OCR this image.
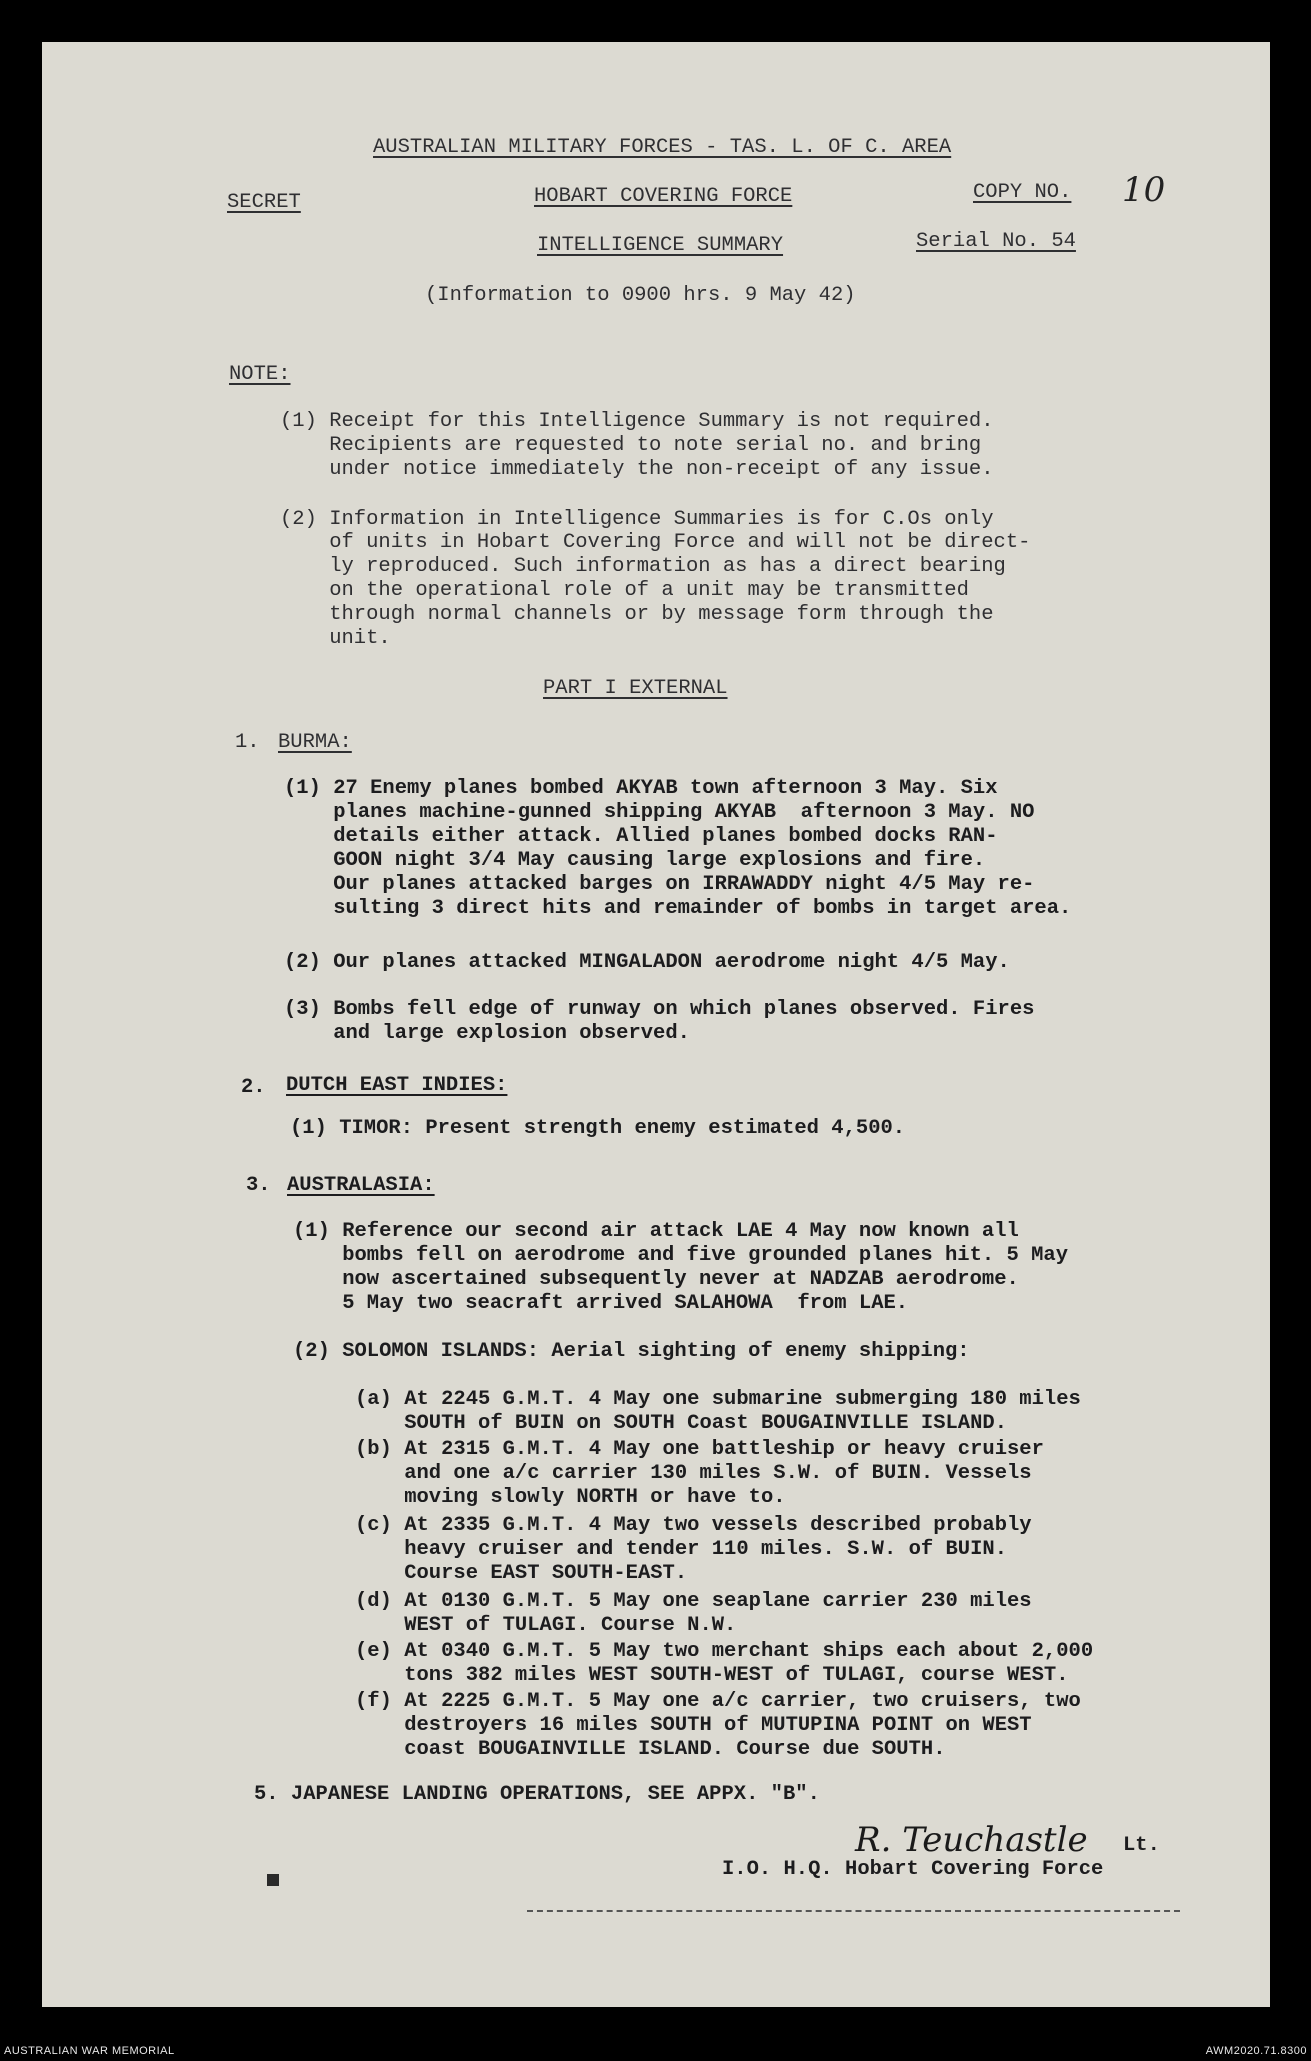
AUSTRALIAN MILITARY FORCES - TAS. L. OF C. AREA
SECRET	HOBART COVERING FORCE	COPY NO. 10
INTELLIGENCE SUMMARY	Serial No. 54
(Information to 0900 hrs. 9 May 42)
NOTE:
(1) Receipt for this Intelligence Summary is not required.
Recipients are requested to note serial no. and bring
under notice immediately the non-receipt of any issue.
(2) Information in Intelligence Summaries is for C.Os only
of units in Hobart Covering Force and will not be direct-
ly reproduced. Such information as has a direct bearing
on the operational role of a unit may be transmitted
through normal channels or by message form through the
unit.
PART I EXTERNAL
1. BURMA:
(1) 27 Enemy planes bombed AKYAB town afternoon 3 May. Six
planes machine-gunned shipping AKYAB  afternoon 3 May. NO
details either attack. Allied planes bombed docks RAN-
GOON night 3/4 May causing large explosions and fire.
Our planes attacked barges on IRRAWADDY night 4/5 May re-
sulting 3 direct hits and remainder of bombs in target area.
(2) Our planes attacked MINGALADON aerodrome night 4/5 May.
(3) Bombs fell edge of runway on which planes observed. Fires
and large explosion observed.
2. DUTCH EAST INDIES:
(1) TIMOR: Present strength enemy estimated 4,500.
3. AUSTRALASIA:
(1) Reference our second air attack LAE 4 May now known all
bombs fell on aerodrome and five grounded planes hit. 5 May
now ascertained subsequently never at NADZAB aerodrome.
5 May two seacraft arrived SALAHOWA  from LAE.
(2) SOLOMON ISLANDS: Aerial sighting of enemy shipping:
(a) At 2245 G.M.T. 4 May one submarine submerging 180 miles
SOUTH of BUIN on SOUTH Coast BOUGAINVILLE ISLAND.
(b) At 2315 G.M.T. 4 May one battleship or heavy cruiser
and one a/c carrier 130 miles S.W. of BUIN. Vessels
moving slowly NORTH or have to.
(c) At 2335 G.M.T. 4 May two vessels described probably
heavy cruiser and tender 110 miles. S.W. of BUIN.
Course EAST SOUTH-EAST.
(d) At 0130 G.M.T. 5 May one seaplane carrier 230 miles
WEST of TULAGI. Course N.W.
(e) At 0340 G.M.T. 5 May two merchant ships each about 2,000
tons 382 miles WEST SOUTH-WEST of TULAGI, course WEST.
(f) At 2225 G.M.T. 5 May one a/c carrier, two cruisers, two
destroyers 16 miles SOUTH of MUTUPINA POINT on WEST
coast BOUGAINVILLE ISLAND. Course due SOUTH.
5. JAPANESE LANDING OPERATIONS, SEE APPX. "B".
R. Teuchastle Lt.
I.O. H.Q. Hobart Covering Force
AUSTRALIAN WAR MEMORIAL	AWM2020.71.8300
